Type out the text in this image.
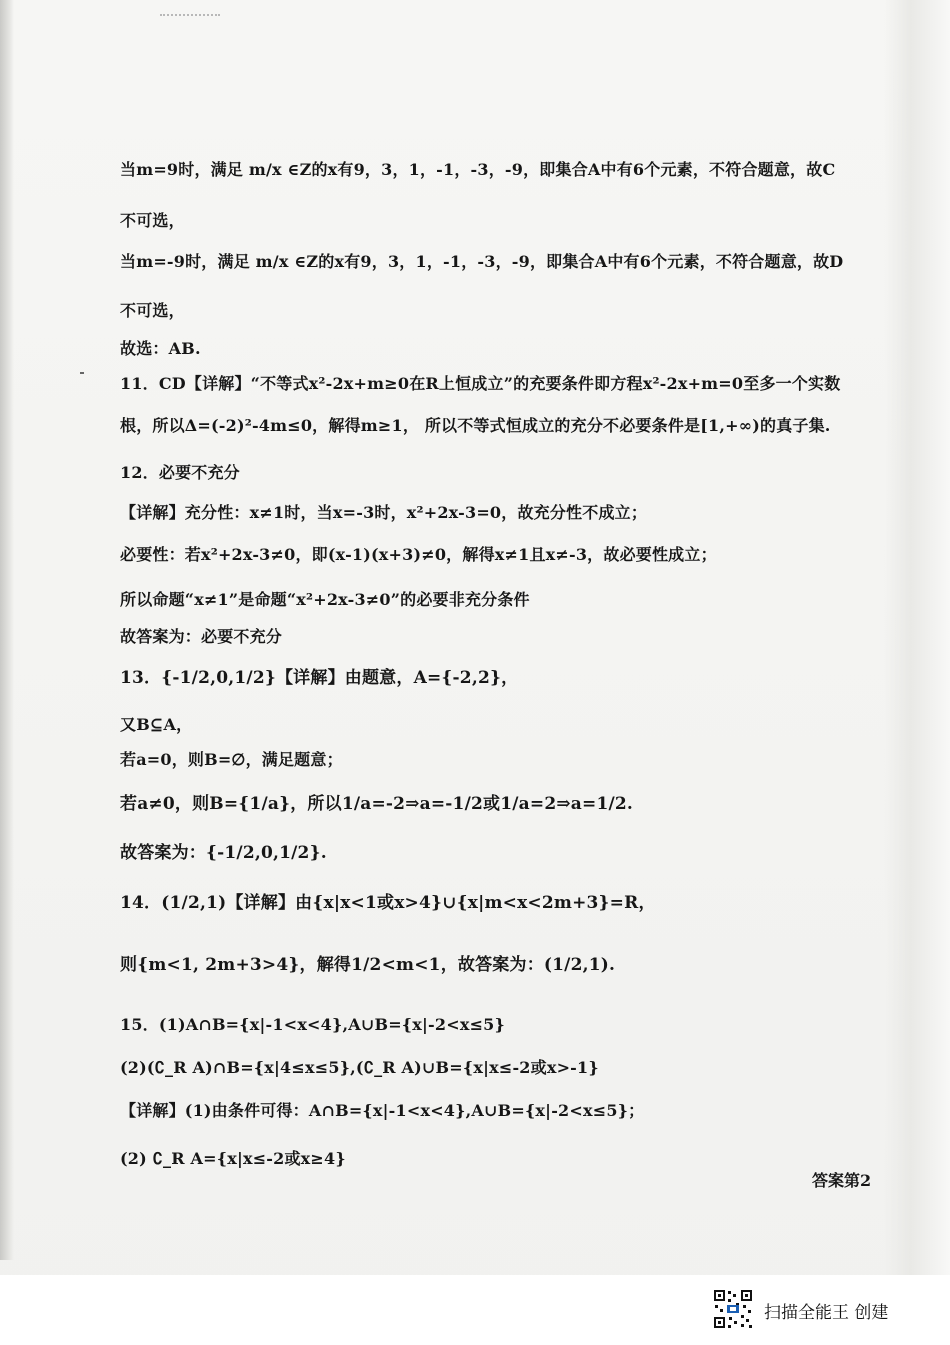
当m=9时，满足 m/x ∈Z的x有9，3，1，-1，-3，-9，即集合A中有6个元素，不符合题意，故C
不可选，
当m=-9时，满足 m/x ∈Z的x有9，3，1，-1，-3，-9，即集合A中有6个元素，不符合题意，故D
不可选，
故选：AB.
11．CD【详解】“不等式x²-2x+m≥0在R上恒成立”的充要条件即方程x²-2x+m=0至多一个实数
根，所以Δ=(-2)²-4m≤0，解得m≥1， 所以不等式恒成立的充分不必要条件是[1,+∞)的真子集.
12．必要不充分
【详解】充分性：x≠1时，当x=-3时，x²+2x-3=0，故充分性不成立；
必要性：若x²+2x-3≠0，即(x-1)(x+3)≠0，解得x≠1且x≠-3，故必要性成立；
所以命题“x≠1”是命题“x²+2x-3≠0”的必要非充分条件
故答案为：必要不充分
13．{-1/2,0,1/2}【详解】由题意，A={-2,2}，
又B⊆A，
若a=0，则B=∅，满足题意；
若a≠0，则B={1/a}，所以1/a=-2⇒a=-1/2或1/a=2⇒a=1/2.
故答案为：{-1/2,0,1/2}.
14．(1/2,1)【详解】由{x|x<1或x>4}∪{x|m<x<2m+3}=R，
则{m<1, 2m+3>4}，解得1/2<m<1，故答案为：(1/2,1).
15．(1)A∩B={x|-1<x<4},A∪B={x|-2<x≤5}
(2)(∁_R A)∩B={x|4≤x≤5},(∁_R A)∪B={x|x≤-2或x>-1}
【详解】(1)由条件可得：A∩B={x|-1<x<4},A∪B={x|-2<x≤5}；
(2) ∁_R A={x|x≤-2或x≥4}
答案第2
扫描全能王 创建
